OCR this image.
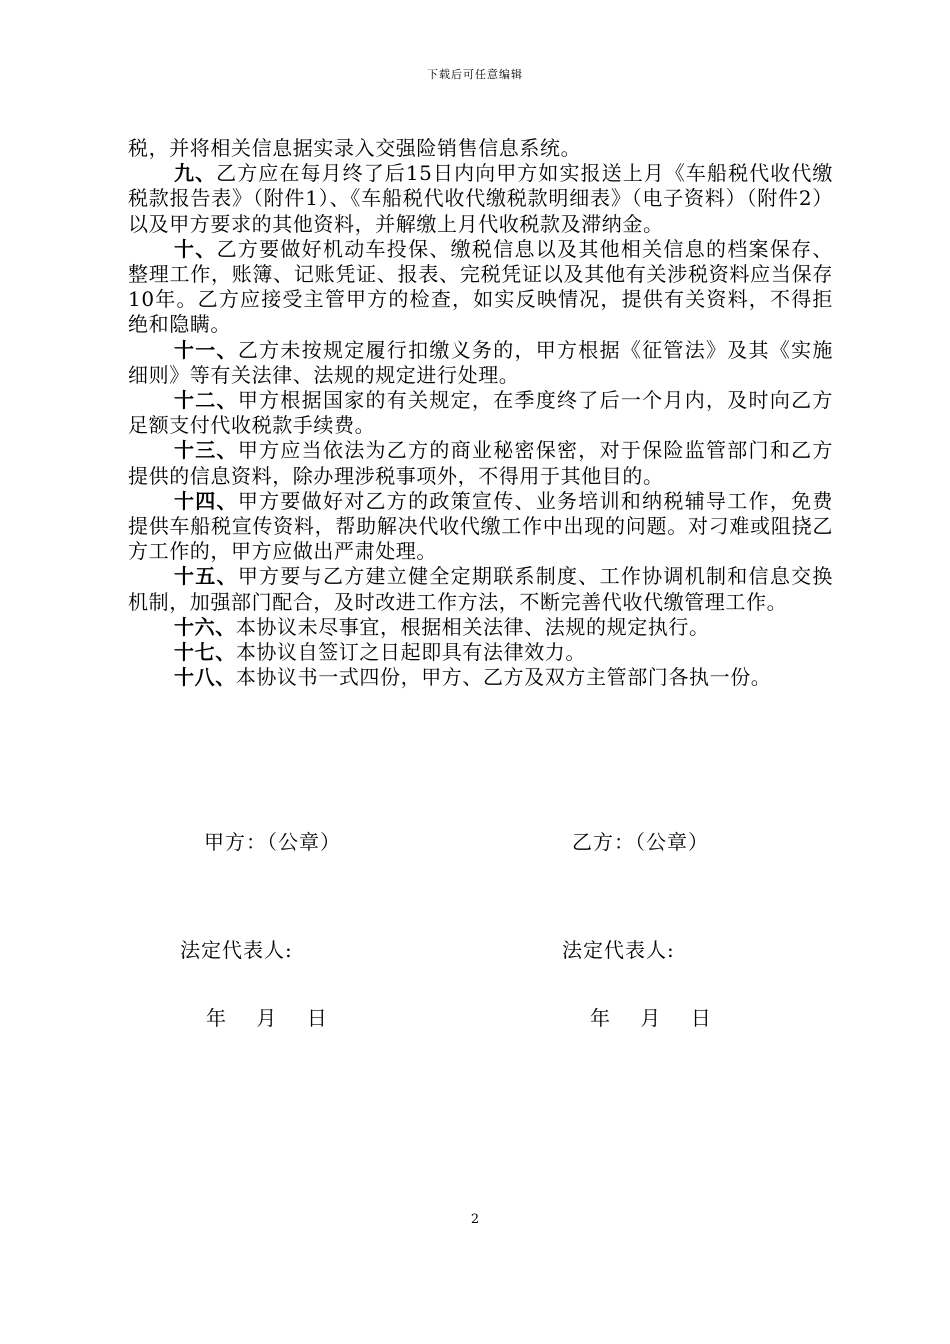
下载后可任意编辑

税，并将相关信息据实录入交强险销售信息系统。

九、乙方应在每月终了后15日内向甲方如实报送上月《车船税代收代缴税款报告表》（附件1）、《车船税代收代缴税款明细表》（电子资料）（附件2）以及甲方要求的其他资料，并解缴上月代收税款及滞纳金。

十、乙方要做好机动车投保、缴税信息以及其他相关信息的档案保存、整理工作，账簿、记账凭证、报表、完税凭证以及其他有关涉税资料应当保存10年。乙方应接受主管甲方的检查，如实反映情况，提供有关资料，不得拒绝和隐瞒。

十一、乙方未按规定履行扣缴义务的，甲方根据《征管法》及其《实施细则》等有关法律、法规的规定进行处理。

十二、甲方根据国家的有关规定，在季度终了后一个月内，及时向乙方足额支付代收税款手续费。

十三、甲方应当依法为乙方的商业秘密保密，对于保险监管部门和乙方提供的信息资料，除办理涉税事项外，不得用于其他目的。

十四、甲方要做好对乙方的政策宣传、业务培训和纳税辅导工作，免费提供车船税宣传资料，帮助解决代收代缴工作中出现的问题。对刁难或阻挠乙方工作的，甲方应做出严肃处理。

十五、甲方要与乙方建立健全定期联系制度、工作协调机制和信息交换机制，加强部门配合，及时改进工作方法，不断完善代收代缴管理工作。

十六、本协议未尽事宜，根据相关法律、法规的规定执行。

十七、本协议自签订之日起即具有法律效力。

十八、本协议书一式四份，甲方、乙方及双方主管部门各执一份。

甲方：（公章）	乙方：（公章）
法定代表人:	法定代表人:
年    月    日	年    月    日
2
